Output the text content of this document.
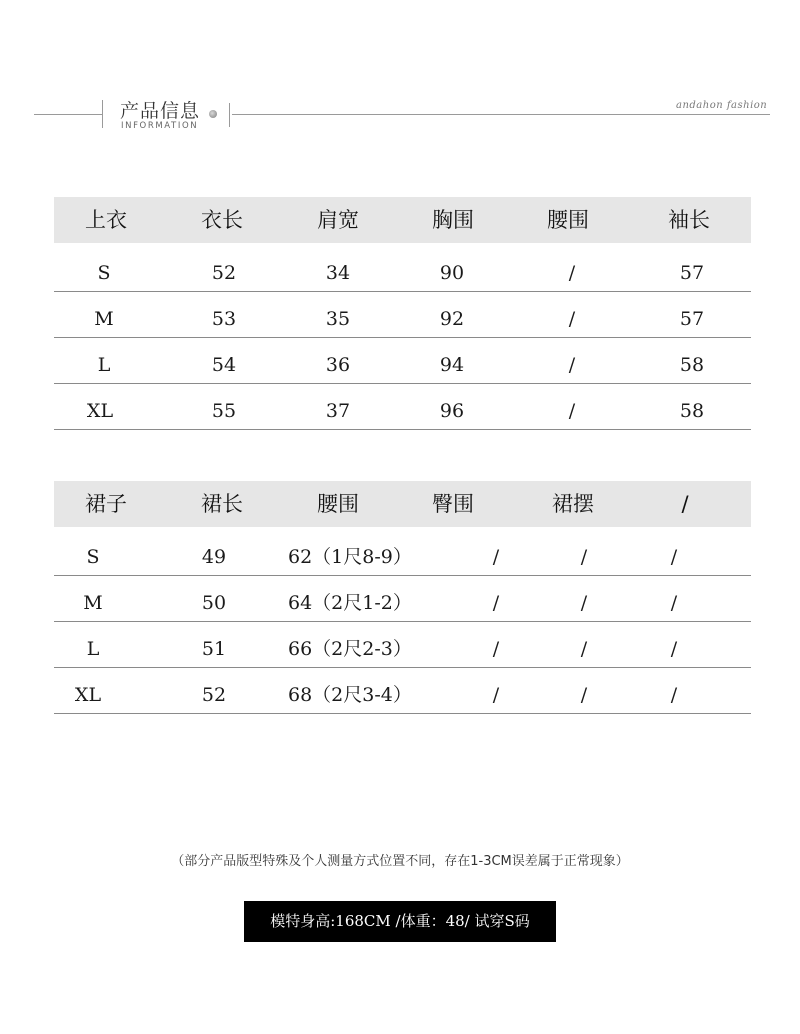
产品信息
INFORMATION
andahon fashion
上衣	衣长	肩宽	胸围	腰围	袖长
S	52	34	90	/	57
M	53	35	92	/	57
L	54	36	94	/	58
XL	55	37	96	/	58
裙子	裙长	腰围	臀围	裙摆	/
S	49	62（1尺8-9）	/	/	/
M	50	64（2尺1-2）	/	/	/
L	51	66（2尺2-3）	/	/	/
XL	52	68（2尺3-4）	/	/	/
（部分产品版型特殊及个人测量方式位置不同，存在1-3CM误差属于正常现象）
模特身高:168CM /体重：48/ 试穿S码
